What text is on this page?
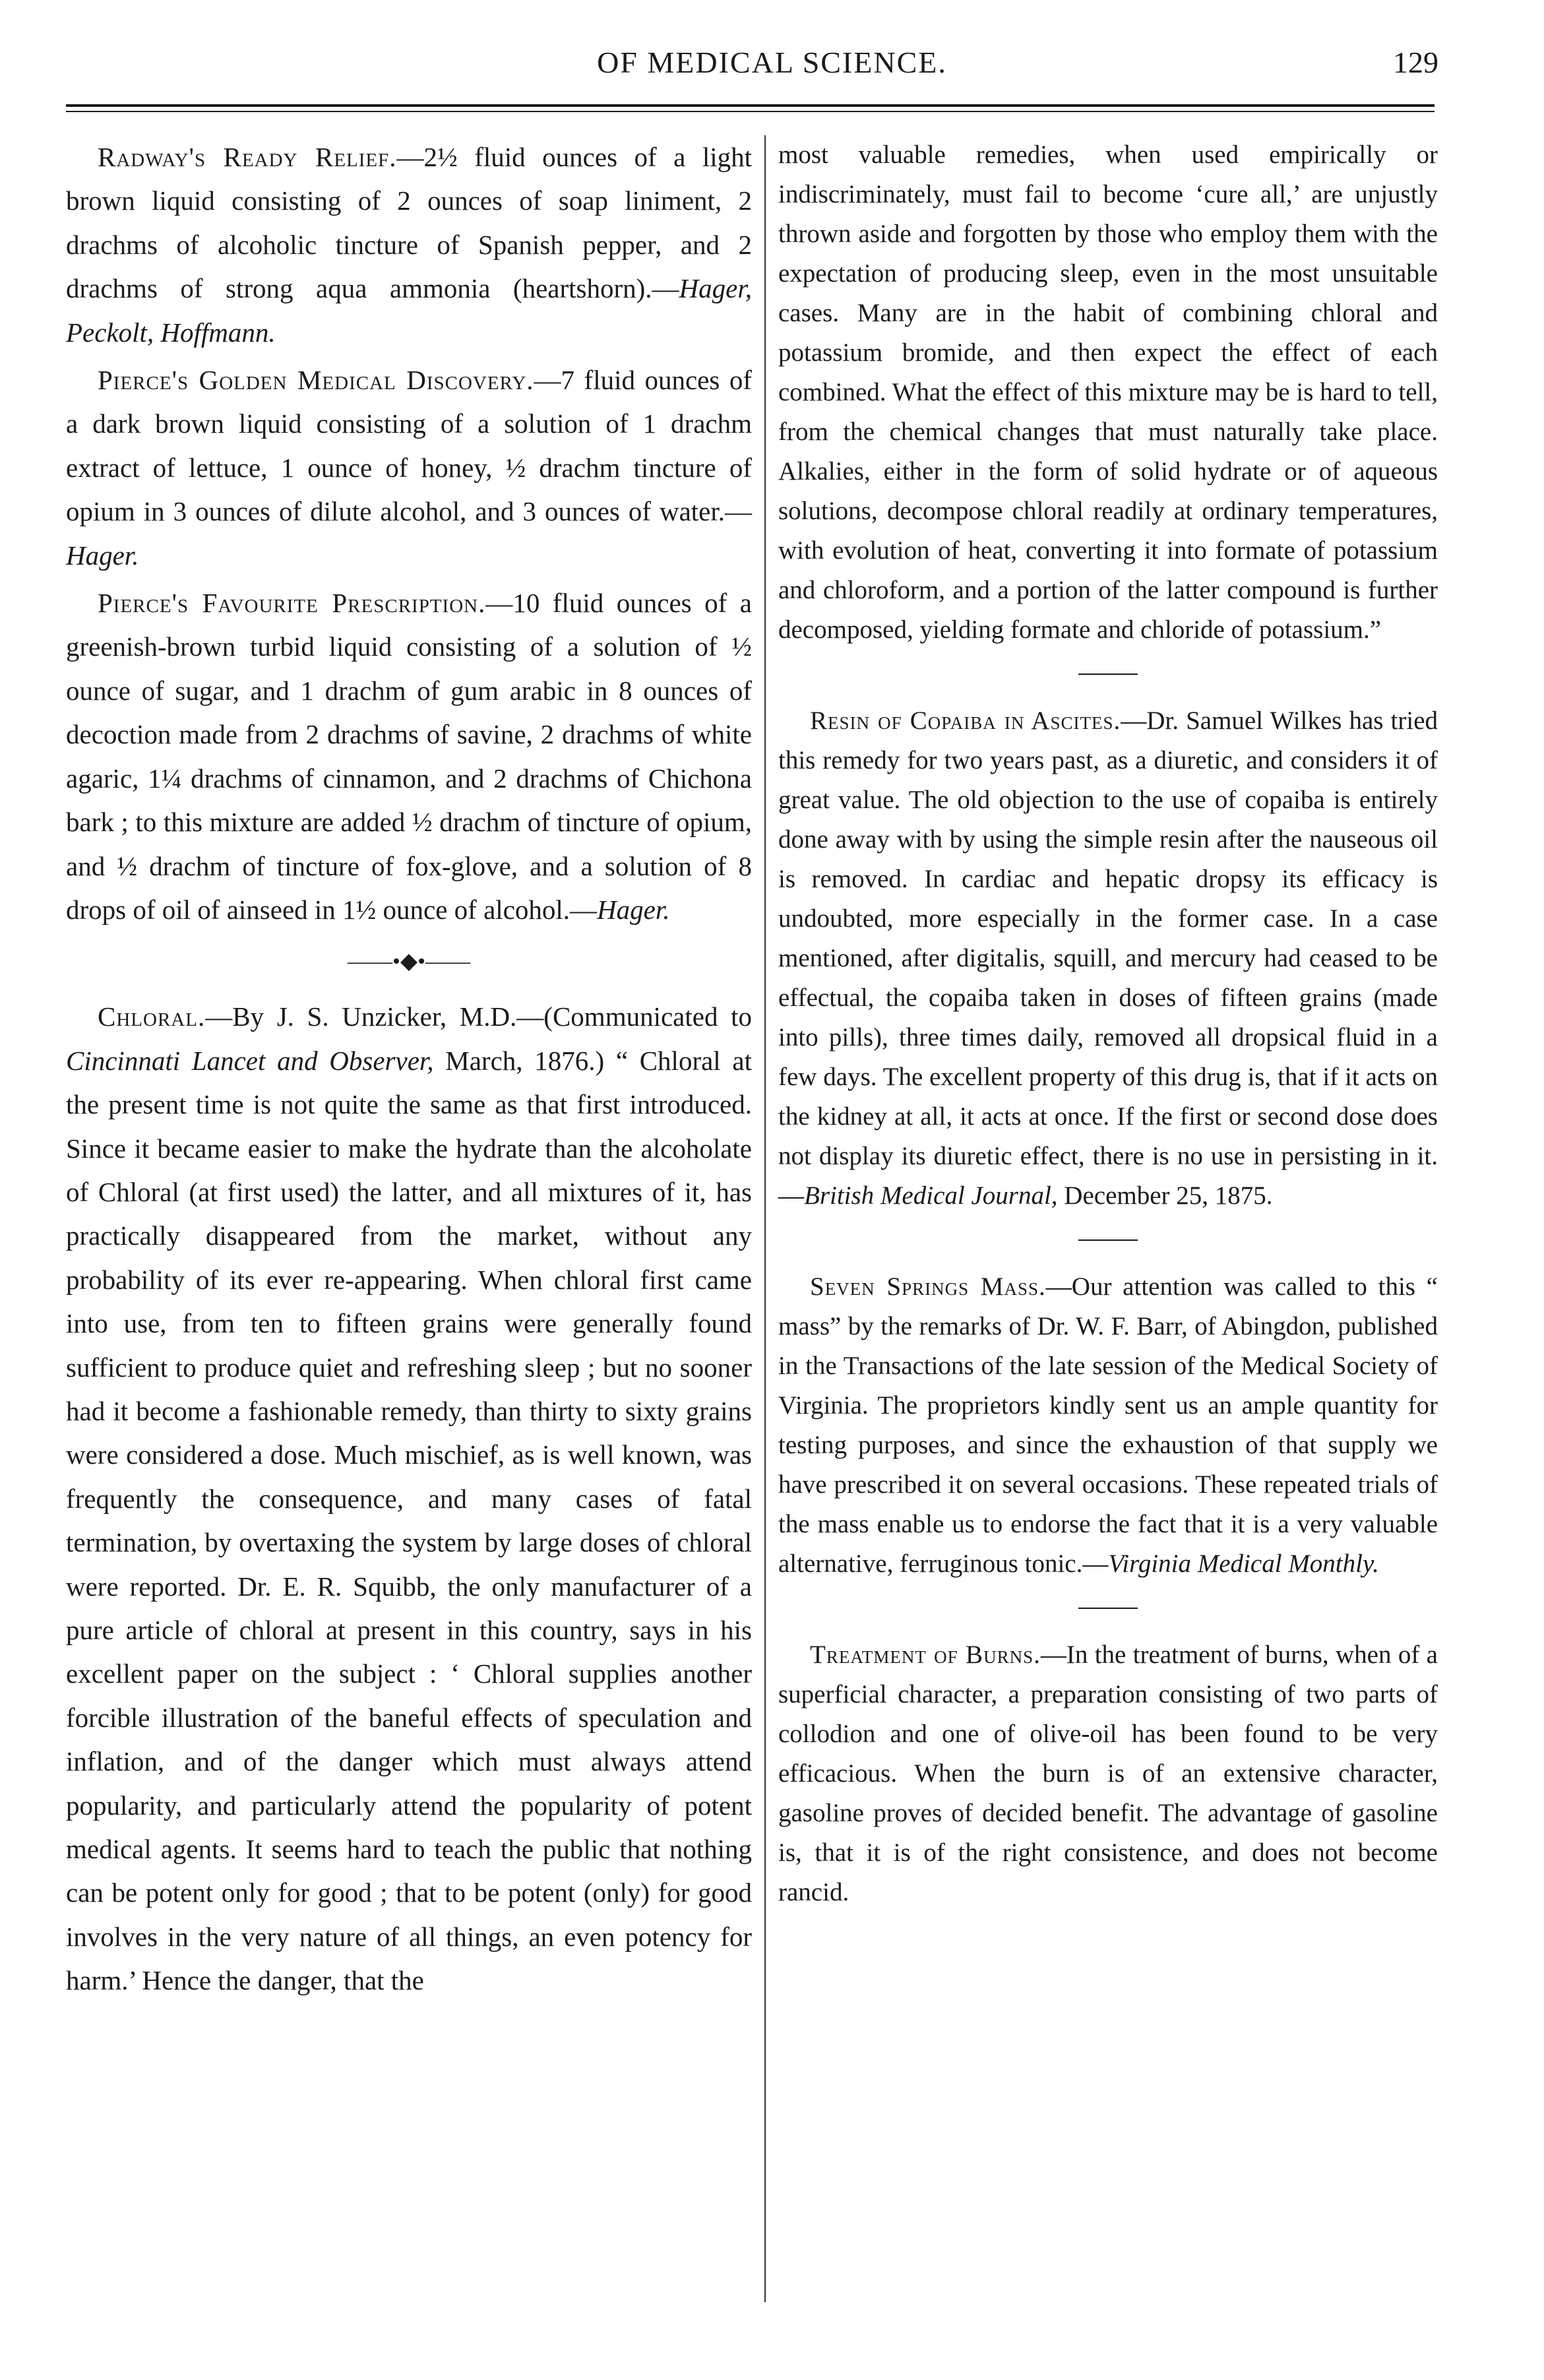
OF MEDICAL SCIENCE.	129

Radway's Ready Relief.—2½ fluid ounces of a light brown liquid consisting of 2 ounces of soap liniment, 2 drachms of alcoholic tincture of Spanish pepper, and 2 drachms of strong aqua ammonia (heartshorn).—Hager, Peckolt, Hoffmann.

Pierce's Golden Medical Discovery.—7 fluid ounces of a dark brown liquid consisting of a solution of 1 drachm extract of lettuce, 1 ounce of honey, ½ drachm tincture of opium in 3 ounces of dilute alcohol, and 3 ounces of water.—Hager.

Pierce's Favourite Prescription.—10 fluid ounces of a greenish-brown turbid liquid consisting of a solution of ½ ounce of sugar, and 1 drachm of gum arabic in 8 ounces of decoction made from 2 drachms of savine, 2 drachms of white agaric, 1¼ drachms of cinnamon, and 2 drachms of Chichona bark ; to this mixture are added ½ drachm of tincture of opium, and ½ drachm of tincture of fox-glove, and a solution of 8 drops of oil of ainseed in 1½ ounce of alcohol.—Hager.

——•◆•——

Chloral.—By J. S. Unzicker, M.D.—(Communicated to Cincinnati Lancet and Observer, March, 1876.) “ Chloral at the present time is not quite the same as that first introduced. Since it became easier to make the hydrate than the alcoholate of Chloral (at first used) the latter, and all mixtures of it, has practically disappeared from the market, without any probability of its ever re-appearing. When chloral first came into use, from ten to fifteen grains were generally found sufficient to produce quiet and refreshing sleep ; but no sooner had it become a fashionable remedy, than thirty to sixty grains were considered a dose. Much mischief, as is well known, was frequently the consequence, and many cases of fatal termination, by overtaxing the system by large doses of chloral were reported. Dr. E. R. Squibb, the only manufacturer of a pure article of chloral at present in this country, says in his excellent paper on the subject : ‘ Chloral supplies another forcible illustration of the baneful effects of speculation and inflation, and of the danger which must always attend popularity, and particularly attend the popularity of potent medical agents. It seems hard to teach the public that nothing can be potent only for good ; that to be potent (only) for good involves in the very nature of all things, an even potency for harm.’ Hence the danger, that the

most valuable remedies, when used empirically or indiscriminately, must fail to become ‘cure all,’ are unjustly thrown aside and forgotten by those who employ them with the expectation of producing sleep, even in the most unsuitable cases. Many are in the habit of combining chloral and potassium bromide, and then expect the effect of each combined. What the effect of this mixture may be is hard to tell, from the chemical changes that must naturally take place. Alkalies, either in the form of solid hydrate or of aqueous solutions, decompose chloral readily at ordinary temperatures, with evolution of heat, converting it into formate of potassium and chloroform, and a portion of the latter compound is further decomposed, yielding formate and chloride of potassium.”

Resin of Copaiba in Ascites.—Dr. Samuel Wilkes has tried this remedy for two years past, as a diuretic, and considers it of great value. The old objection to the use of copaiba is entirely done away with by using the simple resin after the nauseous oil is removed. In cardiac and hepatic dropsy its efficacy is undoubted, more especially in the former case. In a case mentioned, after digitalis, squill, and mercury had ceased to be effectual, the copaiba taken in doses of fifteen grains (made into pills), three times daily, removed all dropsical fluid in a few days. The excellent property of this drug is, that if it acts on the kidney at all, it acts at once. If the first or second dose does not display its diuretic effect, there is no use in persisting in it.—British Medical Journal, December 25, 1875.

Seven Springs Mass.—Our attention was called to this “ mass” by the remarks of Dr. W. F. Barr, of Abingdon, published in the Transactions of the late session of the Medical Society of Virginia. The proprietors kindly sent us an ample quantity for testing purposes, and since the exhaustion of that supply we have prescribed it on several occasions. These repeated trials of the mass enable us to endorse the fact that it is a very valuable alternative, ferruginous tonic.—Virginia Medical Monthly.

Treatment of Burns.—In the treatment of burns, when of a superficial character, a preparation consisting of two parts of collodion and one of olive-oil has been found to be very efficacious. When the burn is of an extensive character, gasoline proves of decided benefit. The advantage of gasoline is, that it is of the right consistence, and does not become rancid.
